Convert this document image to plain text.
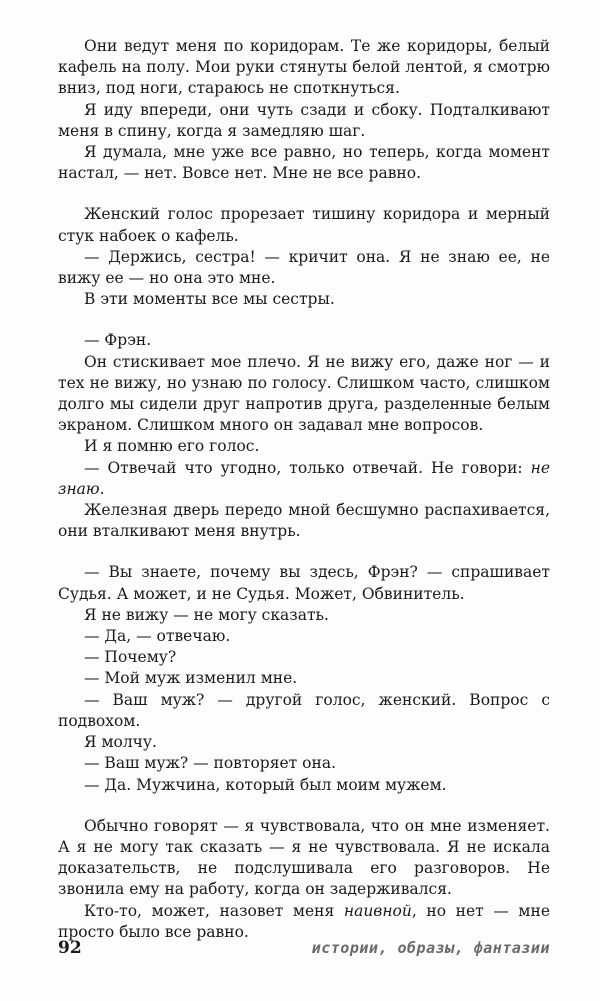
Они ведут меня по коридорам. Те же коридоры, белый кафель на полу. Мои руки стянуты белой лентой, я смотрю вниз, под ноги, стараюсь не споткнуться.

Я иду впереди, они чуть сзади и сбоку. Подталкивают меня в спину, когда я замедляю шаг.

Я думала, мне уже все равно, но теперь, когда момент настал, — нет. Вовсе нет. Мне не все равно.

Женский голос прорезает тишину коридора и мерный стук набоек о кафель.

— Держись, сестра! — кричит она. Я не знаю ее, не вижу ее — но она это мне.

В эти моменты все мы сестры.

— Фрэн.

Он стискивает мое плечо. Я не вижу его, даже ног — и тех не вижу, но узнаю по голосу. Слишком часто, слишком долго мы сидели друг напротив друга, разделенные белым экраном. Слишком много он задавал мне вопросов.

И я помню его голос.

— Отвечай что угодно, только отвечай. Не говори: не знаю.

Железная дверь передо мной бесшумно распахивается, они вталкивают меня внутрь.

— Вы знаете, почему вы здесь, Фрэн? — спрашивает Судья. А может, и не Судья. Может, Обвинитель.

Я не вижу — не могу сказать.

— Да, — отвечаю.

— Почему?

— Мой муж изменил мне.

— Ваш муж? — другой голос, женский. Вопрос с подвохом.

Я молчу.

— Ваш муж? — повторяет она.

— Да. Мужчина, который был моим мужем.

Обычно говорят — я чувствовала, что он мне изменяет. А я не могу так сказать — я не чувствовала. Я не искала доказательств, не подслушивала его разговоров. Не звонила ему на работу, когда он задерживался.

Кто-то, может, назовет меня наивной, но нет — мне просто было все равно.

92	истории, образы, фантазии
